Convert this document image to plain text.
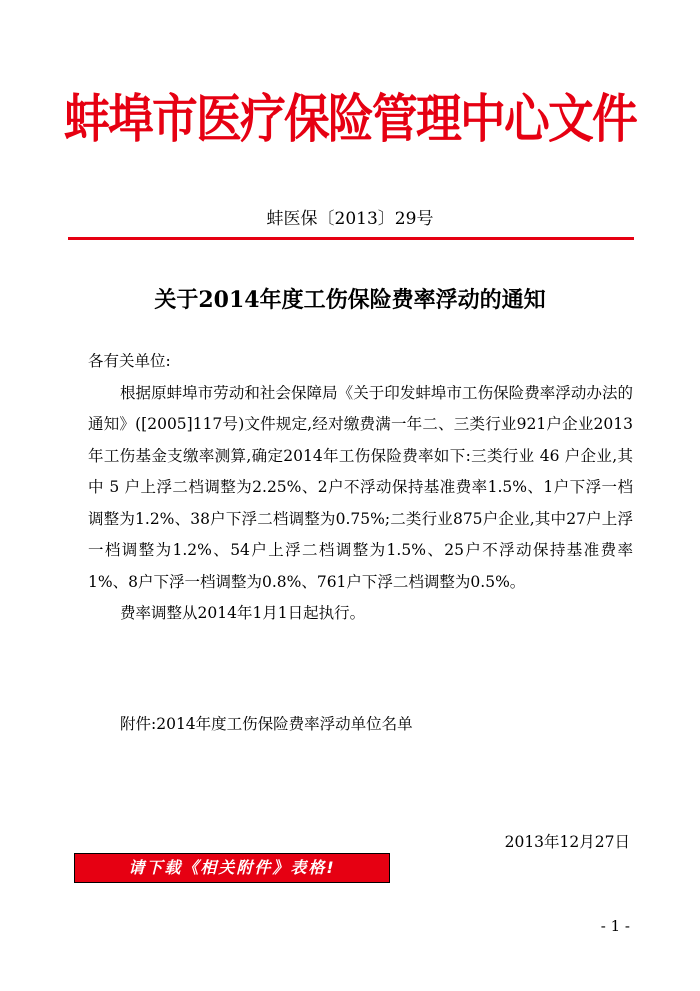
蚌埠市医疗保险管理中心文件
蚌医保〔2013〕29号
关于2014年度工伤保险费率浮动的通知

各有关单位:

根据原蚌埠市劳动和社会保障局《关于印发蚌埠市工伤保险费率浮动办法的通知》([2005]117号)文件规定,经对缴费满一年二、三类行业921户企业2013年工伤基金支缴率测算,确定2014年工伤保险费率如下:三类行业 46 户企业,其中 5 户上浮二档调整为2.25%、2户不浮动保持基准费率1.5%、1户下浮一档调整为1.2%、38户下浮二档调整为0.75%;二类行业875户企业,其中27户上浮一档调整为1.2%、54户上浮二档调整为1.5%、25户不浮动保持基准费率1%、8户下浮一档调整为0.8%、761户下浮二档调整为0.5%。

费率调整从2014年1月1日起执行。

附件:2014年度工伤保险费率浮动单位名单
2013年12月27日
请下载《相关附件》表格!
- 1 -
